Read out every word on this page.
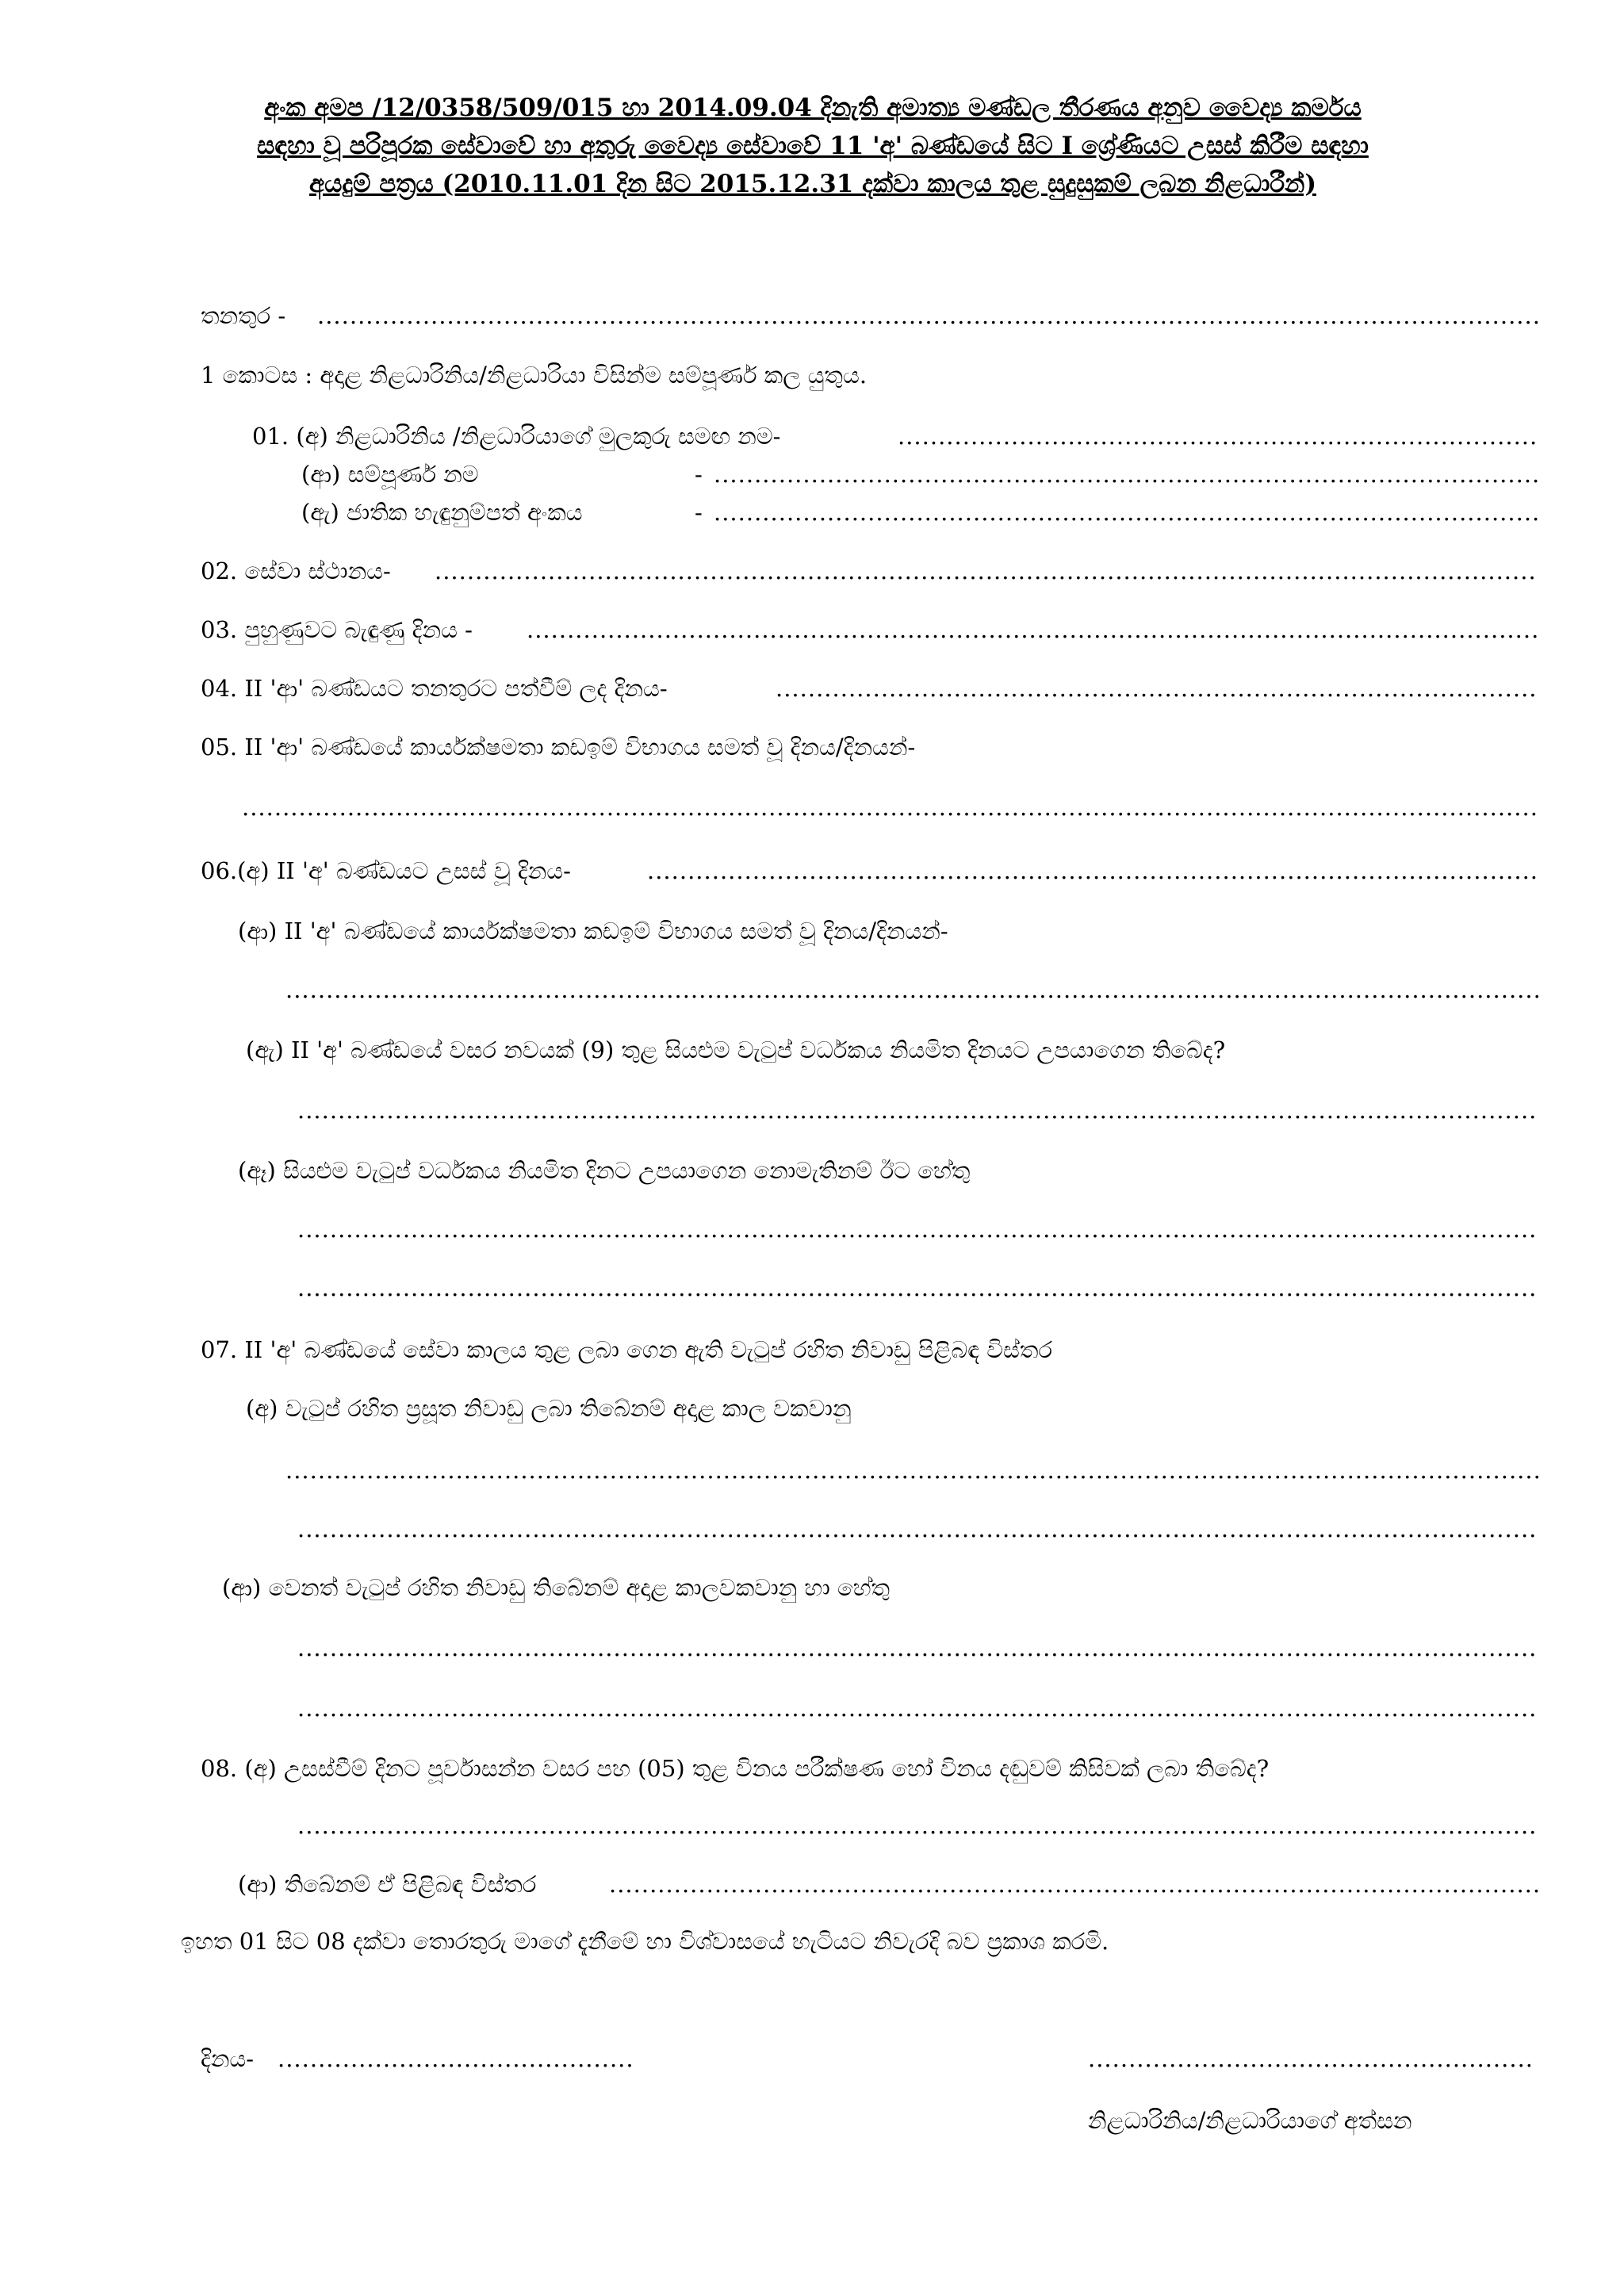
අංක අමප /12/0358/509/015 හා 2014.09.04 දිනැති අමාත්‍ය මණ්ඩල තීරණය අනුව වෛද්‍ය කර්මය
සඳහා වූ පරිපූරක සේවාවේ හා අතුරු වෛද්‍ය සේවාවේ 11 'අ' බණ්ඩයේ සිට I ශ්‍රේණියට උසස් කිරීම සඳහා
අයදුම් පත්‍රය (2010.11.01 දින සිට 2015.12.31 දක්වා කාලය තුළ සුදුසුකම් ලබන නිළධාරීන්)
තනතුර -
.....
1 කොටස : අදාළ නිළධාරිනිය/නිළධාරියා විසින්ම සම්පූර්ණ කල යුතුය.
01. (අ) නිළධාරිනිය /නිළධාරියාගේ මුලකුරු සමඟ නම-
.....
(ආ) සම්පූර්ණ නම	-
.....
(ඇ) ජාතික හැඳුනුම්පත් අංකය	-
.....
02. සේවා ස්ථානය-
.....
03. පුහුණුවට බැඳුණු දිනය -
.....
04. II 'ආ' බණ්ඩයට තනතුරට පත්වීම් ලද දිනය-
.....
05. II 'ආ' බණ්ඩයේ කාර්යක්ෂමතා කඩඉම් විභාගය සමත් වූ දිනය/දිනයන්-
.....
06.(අ) II 'අ' බණ්ඩයට උසස් වූ දිනය-
.....
(ආ) II 'අ' බණ්ඩයේ කාර්යක්ෂමතා කඩඉම් විභාගය සමත් වූ දිනය/දිනයන්-
.....
(ඇ) II 'අ' බණ්ඩයේ වසර නවයක් (9) තුළ සියළුම වැටුප් වර්ධකය නියමිත දිනයට උපයාගෙන තිබේද?
.....
(ඈ) සියළුම වැටුප් වර්ධකය නියමිත දිනට උපයාගෙන නොමැතිනම් ඊට හේතු
.....
.....
07. II 'අ' බණ්ඩයේ සේවා කාලය තුළ ලබා ගෙන ඇති වැටුප් රහිත නිවාඩු පිළිබඳ විස්තර
(අ) වැටුප් රහිත ප්‍රසූත නිවාඩු ලබා තිබේනම් අදාළ කාල වකවානු
.....
.....
(ආ) වෙනත් වැටුප් රහිත නිවාඩු තිබේනම් අදාළ කාලවකවානු හා හේතු
.....
.....
08. (අ) උසස්වීම් දිනට පූර්වාසන්න වසර පහ (05) තුළ විනය පරීක්ෂණ හෝ විනය දඬුවම් කිසිවක් ලබා තිබේද?
.....
(ආ) තිබේනම් ඒ පිළිබඳ විස්තර
.....
ඉහත 01 සිට 08 දක්වා තොරතුරු මාගේ දැනීමේ හා විශ්වාසයේ හැටියට නිවැරදි බව ප්‍රකාශ කරමි.
දිනය-
.....
.....
නිළධාරිනිය/නිළධාරියාගේ අත්සන
